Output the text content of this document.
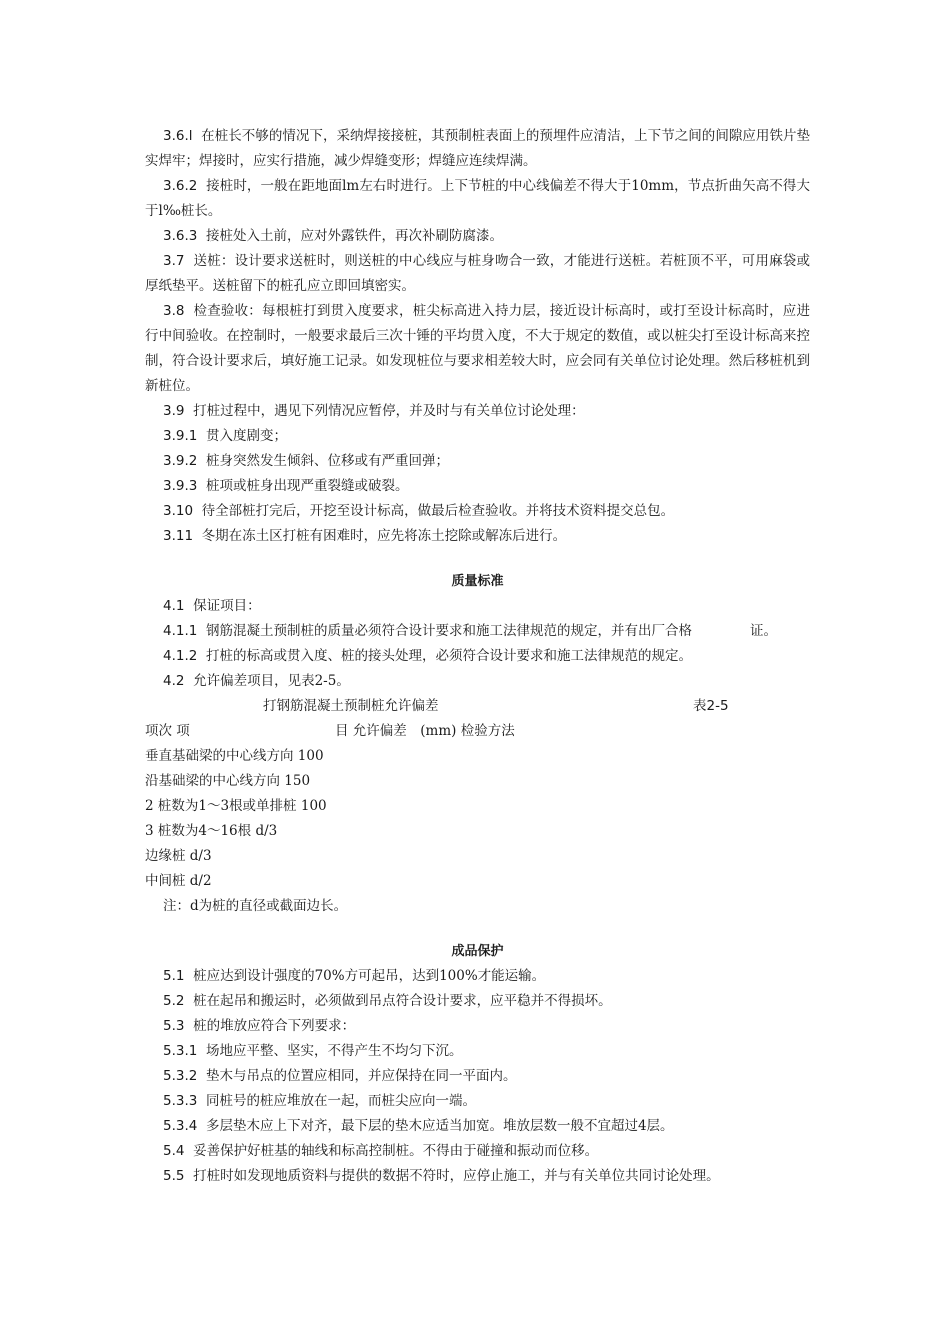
3.6.l 在桩长不够的情况下，采纳焊接接桩，其预制桩表面上的预埋件应清洁，上下节之间的间隙应用铁片垫实焊牢；焊接时，应实行措施，减少焊缝变形；焊缝应连续焊满。

3.6.2 接桩时，一般在距地面lm左右时进行。上下节桩的中心线偏差不得大于10mm，节点折曲矢高不得大于l‰桩长。

3.6.3 接桩处入土前，应对外露铁件，再次补刷防腐漆。

3.7 送桩：设计要求送桩时，则送桩的中心线应与桩身吻合一致，才能进行送桩。若桩顶不平，可用麻袋或厚纸垫平。送桩留下的桩孔应立即回填密实。

3.8 检查验收：每根桩打到贯入度要求，桩尖标高进入持力层，接近设计标高时，或打至设计标高时，应进行中间验收。在控制时，一般要求最后三次十锤的平均贯入度，不大于规定的数值，或以桩尖打至设计标高来控制，符合设计要求后，填好施工记录。如发现桩位与要求相差较大时，应会同有关单位讨论处理。然后移桩机到新桩位。

3.9 打桩过程中，遇见下列情况应暂停，并及时与有关单位讨论处理：

3.9.1 贯入度剧变；

3.9.2 桩身突然发生倾斜、位移或有严重回弹；

3.9.3 桩项或桩身出现严重裂缝或破裂。

3.10 待全部桩打完后，开挖至设计标高，做最后检查验收。并将技术资料提交总包。

3.11 冬期在冻土区打桩有困难时，应先将冻土挖除或解冻后进行。

质量标准

4.1 保证项目：

4.1.1 钢筋混凝土预制桩的质量必须符合设计要求和施工法律规范的规定，并有出厂合格	证。

4.1.2 打桩的标高或贯入度、桩的接头处理，必须符合设计要求和施工法律规范的规定。

4.2 允许偏差项目，见表2-5。

打钢筋混凝土预制桩允许偏差	表2-5
项次 项	目 允许偏差　(mm) 检验方法

垂直基础梁的中心线方向 100

沿基础梁的中心线方向 150

2 桩数为1～3根或单排桩 100

3 桩数为4～16根 d/3

边缘桩 d/3

中间桩 d/2

注：d为桩的直径或截面边长。

成品保护

5.1 桩应达到设计强度的70%方可起吊，达到100%才能运输。

5.2 桩在起吊和搬运时，必须做到吊点符合设计要求，应平稳并不得损坏。

5.3 桩的堆放应符合下列要求：

5.3.1 场地应平整、坚实，不得产生不均匀下沉。

5.3.2 垫木与吊点的位置应相同，并应保持在同一平面内。

5.3.3 同桩号的桩应堆放在一起，而桩尖应向一端。

5.3.4 多层垫木应上下对齐，最下层的垫木应适当加宽。堆放层数一般不宜超过4层。

5.4 妥善保护好桩基的轴线和标高控制桩。不得由于碰撞和振动而位移。

5.5 打桩时如发现地质资料与提供的数据不符时，应停止施工，并与有关单位共同讨论处理。
